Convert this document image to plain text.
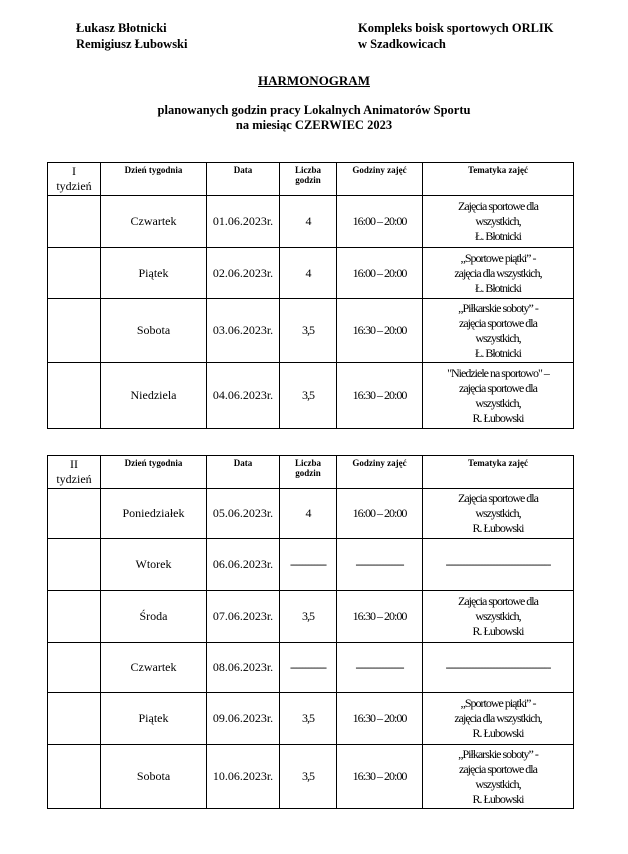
Łukasz Błotnicki
Remigiusz Łubowski
Kompleks boisk sportowych ORLIK
w Szadkowicach
HARMONOGRAM
planowanych godzin pracy Lokalnych Animatorów Sportu
na miesiąc CZERWIEC 2023
I
tydzień	Dzień tygodnia	Data	Liczba godzin	Godziny zajęć	Tematyka zajęć
	Czwartek	01.06.2023r.	4	16:00 – 20:00	Zajęcia sportowe dla
wszystkich,
Ł. Błotnicki

	Piątek	02.06.2023r.	4	16:00 – 20:00	„Sportowe piątki” -
zajęcia dla wszystkich,
Ł. Błotnicki

	Sobota	03.06.2023r.	3,5	16:30 – 20:00	„Piłkarskie soboty” -
zajęcia sportowe dla
wszystkich,
Ł. Błotnicki

	Niedziela	04.06.2023r.	3,5	16:30 – 20:00	"Niedziele na sportowo" –
zajęcia sportowe dla
wszystkich,
R. Łubowski
II
tydzień	Dzień tygodnia	Data	Liczba godzin	Godziny zajęć	Tematyka zajęć
	Poniedziałek	05.06.2023r.	4	16:00 – 20:00	Zajęcia sportowe dla
wszystkich,
R. Łubowski

	Wtorek	06.06.2023r.	------------	----------------	-----------------------------------

	Środa	07.06.2023r.	3,5	16:30 – 20:00	Zajęcia sportowe dla
wszystkich,
R. Łubowski

	Czwartek	08.06.2023r.	------------	----------------	-----------------------------------

	Piątek	09.06.2023r.	3,5	16:30 – 20:00	„Sportowe piątki” -
zajęcia dla wszystkich,
R. Łubowski

	Sobota	10.06.2023r.	3,5	16:30 – 20:00	„Piłkarskie soboty” -
zajęcia sportowe dla
wszystkich,
R. Łubowski
